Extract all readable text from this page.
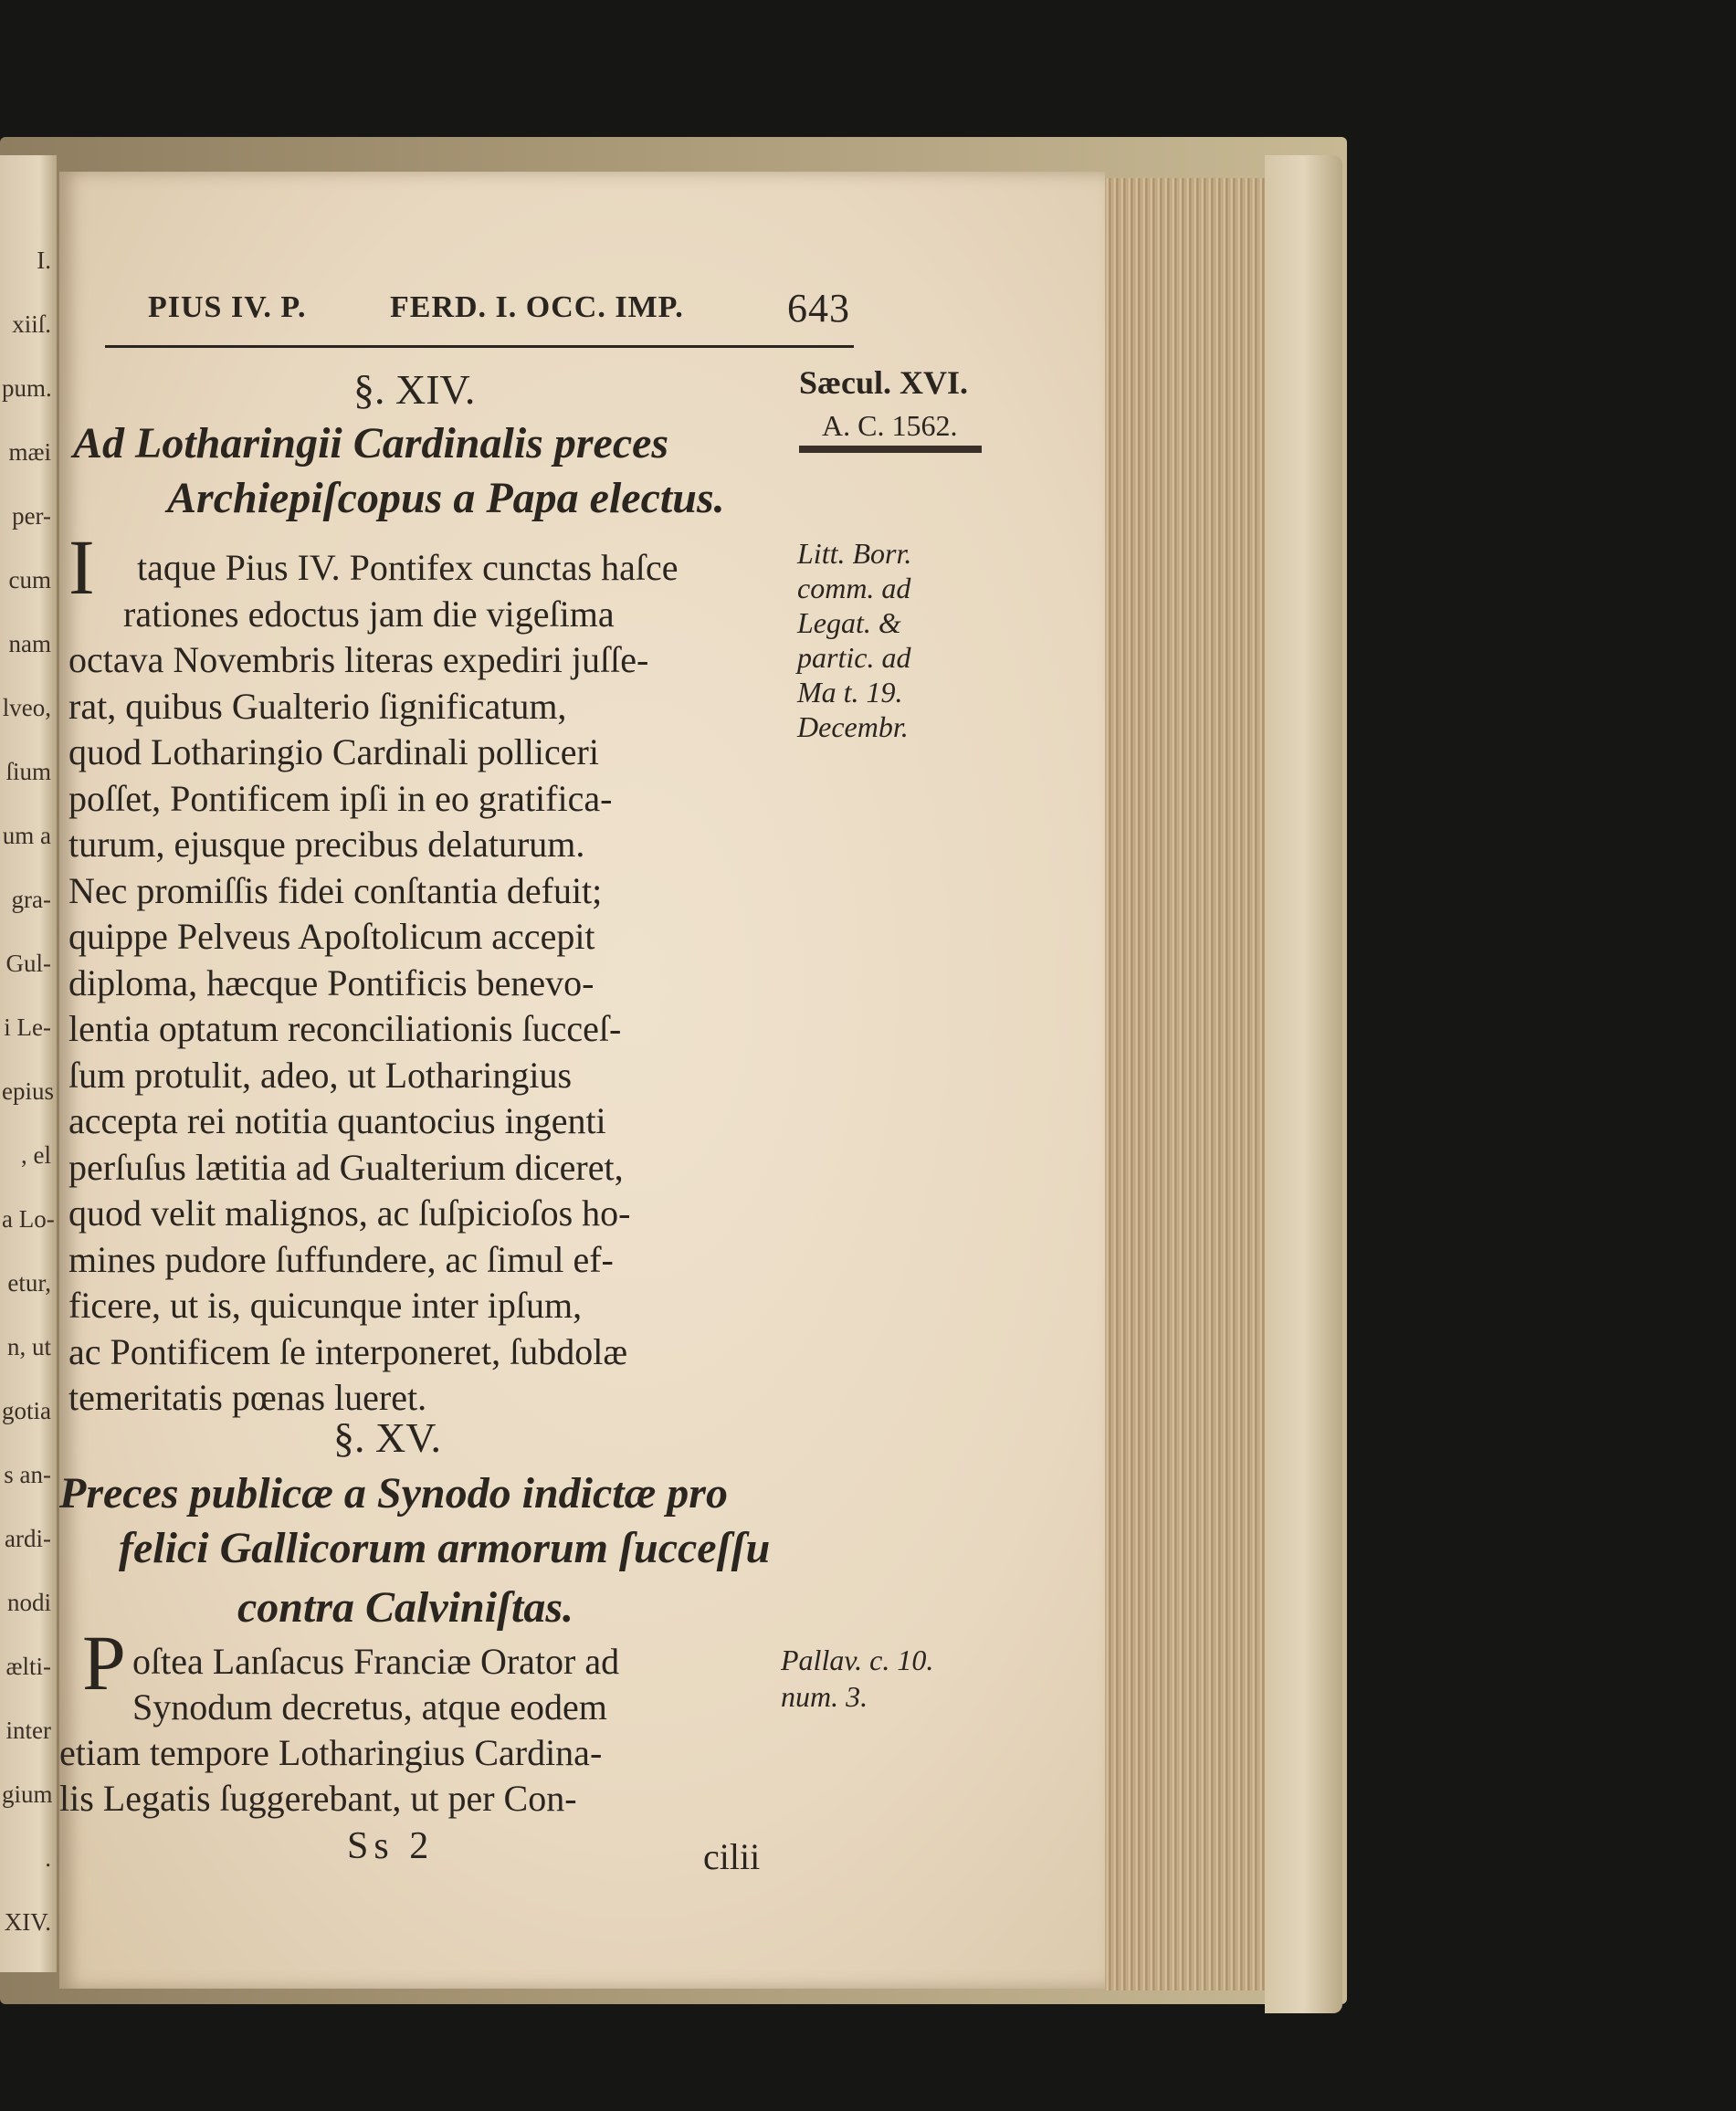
I.
xiiſ.
pum.
mæi
per-
cum
nam
lveo,
ſium
um a
gra-
Gul-
i Le-
epius
, el
a Lo-
etur,
n, ut
gotia
s an-
ardi-
nodi
ælti-
inter
gium
.
XIV.
PIUS IV. P.	FERD. I. OCC. IMP.	643
Sæcul. XVI.
A. C. 1562.
§. XIV.
Ad Lotharingii Cardinalis preces
Archiepiſcopus a Papa electus.
I taque Pius IV. Pontifex cunctas haſce
rationes edoctus jam die vigeſima
octava Novembris literas expediri juſſe-
rat, quibus Gualterio ſignificatum,
quod Lotharingio Cardinali polliceri
poſſet, Pontificem ipſi in eo gratifica-
turum, ejusque precibus delaturum.
Nec promiſſis fidei conſtantia defuit;
quippe Pelveus Apoſtolicum accepit
diploma, hæcque Pontificis benevo-
lentia optatum reconciliationis ſucceſ-
ſum protulit, adeo, ut Lotharingius
accepta rei notitia quantocius ingenti
perſuſus lætitia ad Gualterium diceret,
quod velit malignos, ac ſuſpicioſos ho-
mines pudore ſuffundere, ac ſimul ef-
ficere, ut is, quicunque inter ipſum,
ac Pontificem ſe interponeret, ſubdolæ
temeritatis pœnas lueret.
Litt. Borr.
comm. ad
Legat. &
partic. ad
Ma t. 19.
Decembr.
§. XV.
Preces publicæ a Synodo indictæ pro
felici Gallicorum armorum ſucceſſu
contra Calviniſtas.
P oſtea Lanſacus Franciæ Orator ad
Synodum decretus, atque eodem
etiam tempore Lotharingius Cardina-
lis Legatis ſuggerebant, ut per Con-
Pallav. c. 10.
num. 3.
Ss 2	cilii
